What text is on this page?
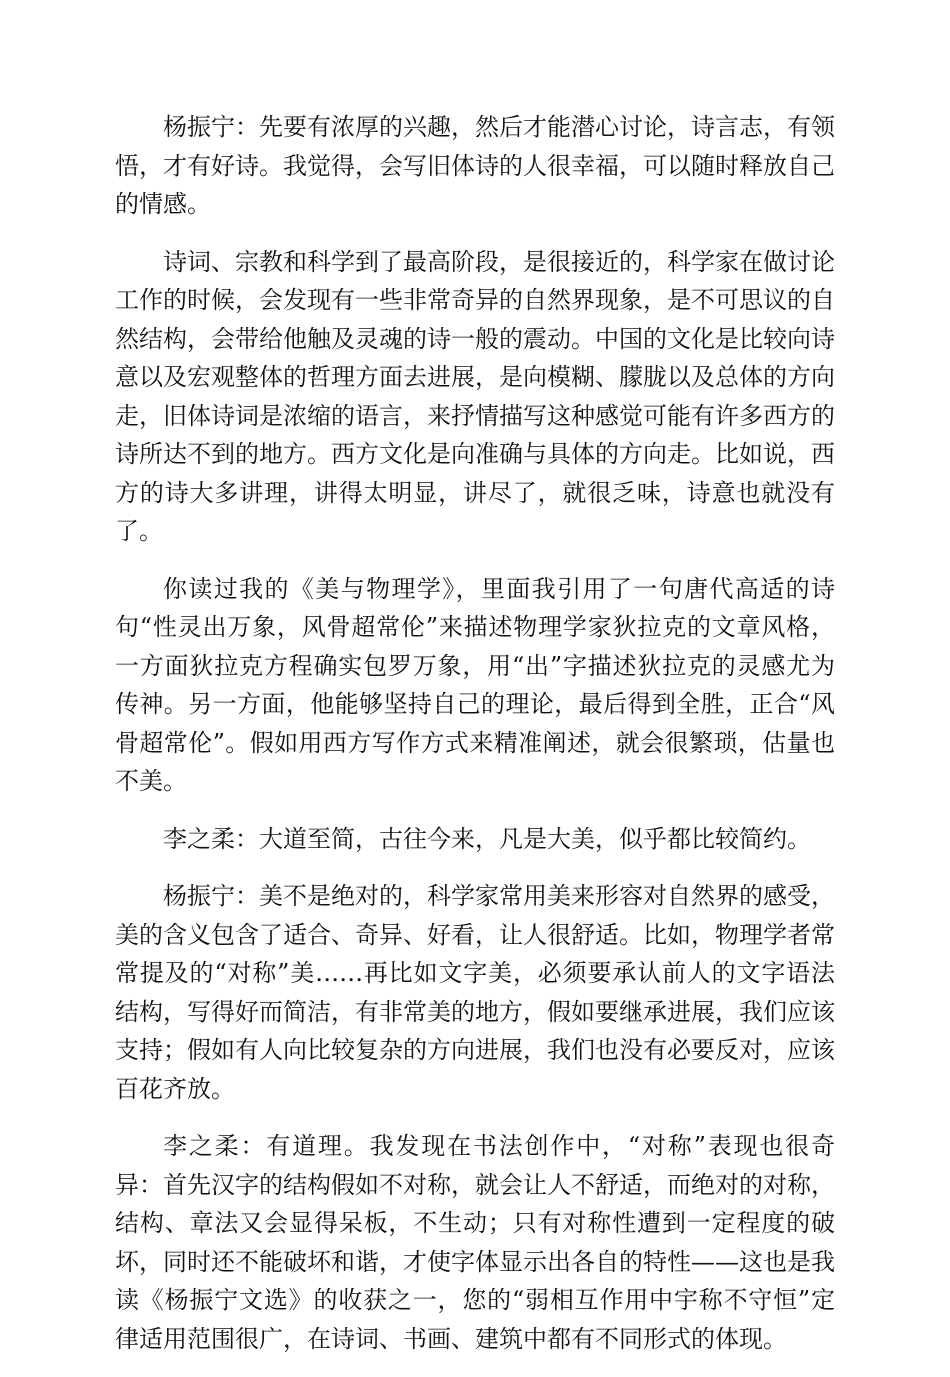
杨振宁：先要有浓厚的兴趣，然后才能潜心讨论，诗言志，有领悟，才有好诗。我觉得，会写旧体诗的人很幸福，可以随时释放自己的情感。

诗词、宗教和科学到了最高阶段，是很接近的，科学家在做讨论工作的时候，会发现有一些非常奇异的自然界现象，是不可思议的自然结构，会带给他触及灵魂的诗一般的震动。中国的文化是比较向诗意以及宏观整体的哲理方面去进展，是向模糊、朦胧以及总体的方向走，旧体诗词是浓缩的语言，来抒情描写这种感觉可能有许多西方的诗所达不到的地方。西方文化是向准确与具体的方向走。比如说，西方的诗大多讲理，讲得太明显，讲尽了，就很乏味，诗意也就没有了。

你读过我的《美与物理学》，里面我引用了一句唐代高适的诗句“性灵出万象，风骨超常伦”来描述物理学家狄拉克的文章风格，一方面狄拉克方程确实包罗万象，用“出”字描述狄拉克的灵感尤为传神。另一方面，他能够坚持自己的理论，最后得到全胜，正合“风骨超常伦”。假如用西方写作方式来精准阐述，就会很繁琐，估量也不美。

李之柔：大道至简，古往今来，凡是大美，似乎都比较简约。

杨振宁：美不是绝对的，科学家常用美来形容对自然界的感受，美的含义包含了适合、奇异、好看，让人很舒适。比如，物理学者常常提及的“对称”美……再比如文字美，必须要承认前人的文字语法结构，写得好而简洁，有非常美的地方，假如要继承进展，我们应该支持；假如有人向比较复杂的方向进展，我们也没有必要反对，应该百花齐放。

李之柔：有道理。我发现在书法创作中，“对称”表现也很奇异：首先汉字的结构假如不对称，就会让人不舒适，而绝对的对称，结构、章法又会显得呆板，不生动；只有对称性遭到一定程度的破坏，同时还不能破坏和谐，才使字体显示出各自的特性——这也是我读《杨振宁文选》的收获之一，您的“弱相互作用中宇称不守恒”定律适用范围很广，在诗词、书画、建筑中都有不同形式的体现。
